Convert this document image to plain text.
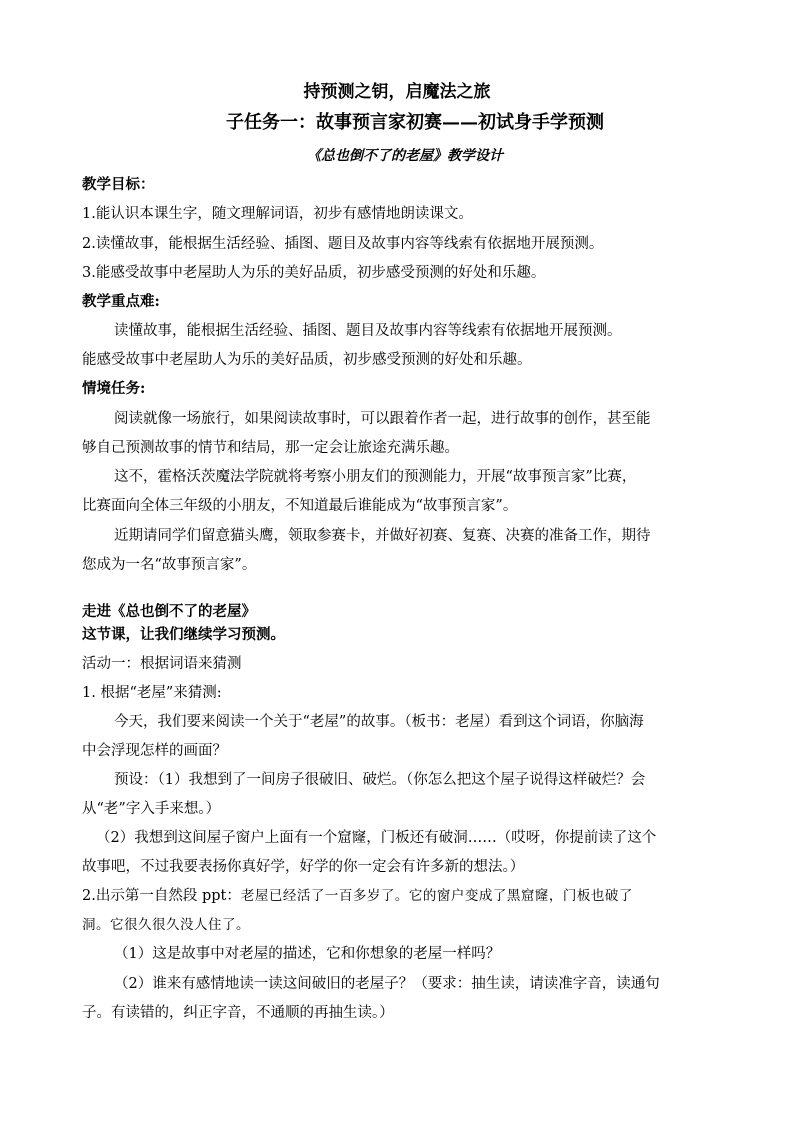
持预测之钥，启魔法之旅
子任务一：故事预言家初赛——初试身手学预测
《总也倒不了的老屋》教学设计
教学目标：
1.能认识本课生字，随文理解词语，初步有感情地朗读课文。
2.读懂故事，能根据生活经验、插图、题目及故事内容等线索有依据地开展预测。
3.能感受故事中老屋助人为乐的美好品质，初步感受预测的好处和乐趣。
教学重点难:
读懂故事，能根据生活经验、插图、题目及故事内容等线索有依据地开展预测。
能感受故事中老屋助人为乐的美好品质，初步感受预测的好处和乐趣。
情境任务:
阅读就像一场旅行，如果阅读故事时，可以跟着作者一起，进行故事的创作，甚至能
够自己预测故事的情节和结局，那一定会让旅途充满乐趣。
这不，霍格沃茨魔法学院就将考察小朋友们的预测能力，开展“故事预言家”比赛，
比赛面向全体三年级的小朋友，不知道最后谁能成为“故事预言家”。
近期请同学们留意猫头鹰，领取参赛卡，并做好初赛、复赛、决赛的准备工作，期待
您成为一名“故事预言家”。
走进《总也倒不了的老屋》
这节课，让我们继续学习预测。
活动一：根据词语来猜测
1. 根据“老屋”来猜测:
今天，我们要来阅读一个关于“老屋”的故事。（板书：老屋）看到这个词语，你脑海
中会浮现怎样的画面？
预设：（1）我想到了一间房子很破旧、破烂。（你怎么把这个屋子说得这样破烂？会
从“老”字入手来想。）
（2）我想到这间屋子窗户上面有一个窟窿，门板还有破洞……（哎呀，你提前读了这个
故事吧，不过我要表扬你真好学，好学的你一定会有许多新的想法。）
2.出示第一自然段 ppt：老屋已经活了一百多岁了。它的窗户变成了黑窟窿，门板也破了
洞。它很久很久没人住了。
（1）这是故事中对老屋的描述，它和你想象的老屋一样吗？
（2）谁来有感情地读一读这间破旧的老屋子？（要求：抽生读，请读准字音，读通句
子。有读错的，纠正字音，不通顺的再抽生读。）
